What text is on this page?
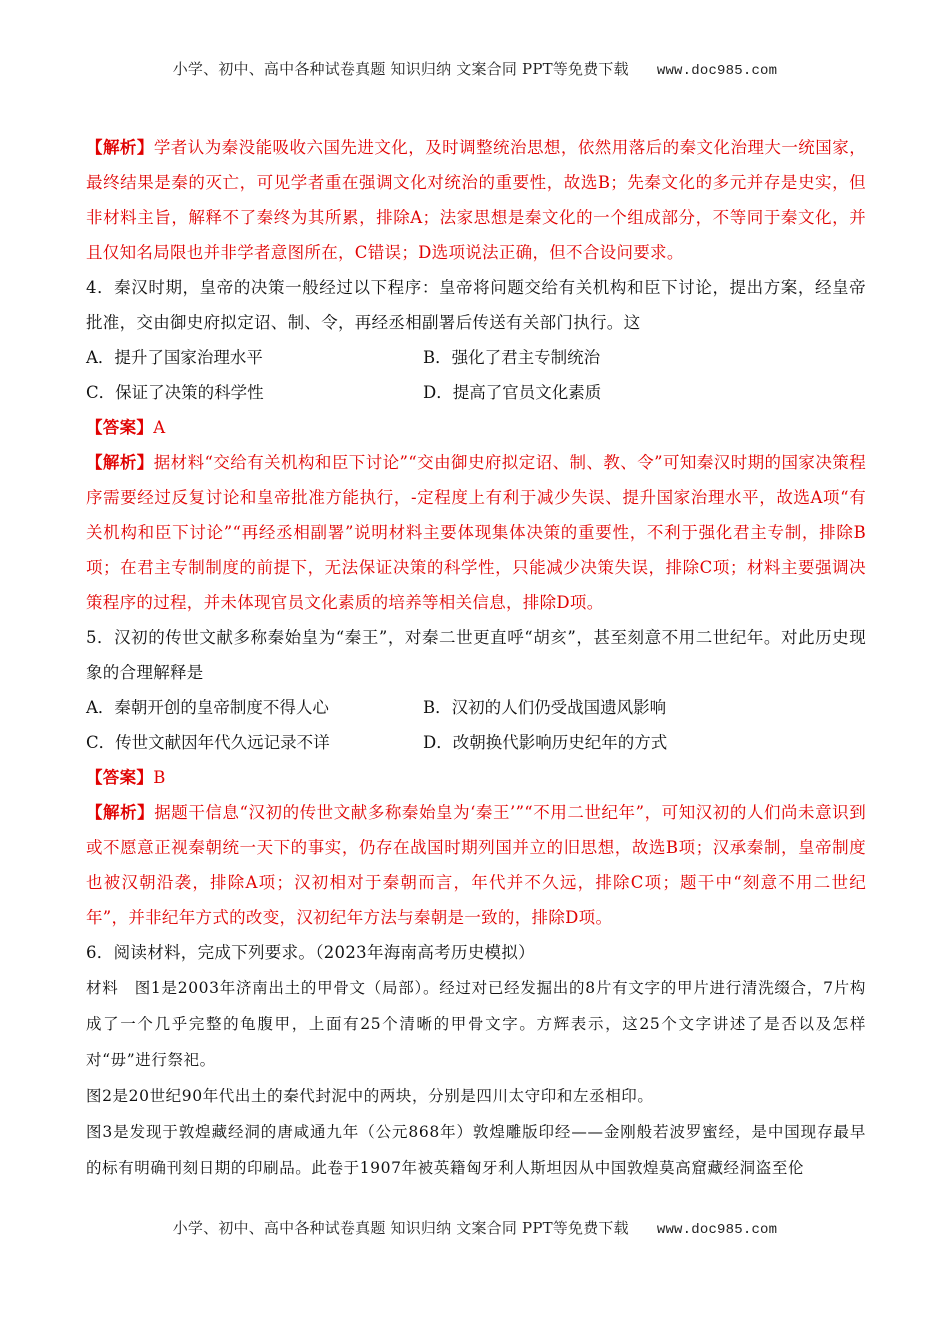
小学、初中、高中各种试卷真题 知识归纳 文案合同 PPT等免费下载 www.doc985.com

【解析】学者认为秦没能吸收六国先进文化，及时调整统治思想，依然用落后的秦文化治理大一统国家，最终结果是秦的灭亡，可见学者重在强调文化对统治的重要性，故选B；先秦文化的多元并存是史实，但非材料主旨，解释不了秦终为其所累，排除A；法家思想是秦文化的一个组成部分，不等同于秦文化，并且仅知名局限也并非学者意图所在，C错误；D选项说法正确，但不合设问要求。

4．秦汉时期，皇帝的决策一般经过以下程序：皇帝将问题交给有关机构和臣下讨论，提出方案，经皇帝批准，交由御史府拟定诏、制、令，再经丞相副署后传送有关部门执行。这

A．提升了国家治理水平	B．强化了君主专制统治
C．保证了决策的科学性	D．提高了官员文化素质

【答案】A

【解析】据材料“交给有关机构和臣下讨论”“交由御史府拟定诏、制、教、令”可知秦汉时期的国家决策程序需要经过反复讨论和皇帝批准方能执行，-定程度上有利于减少失误、提升国家治理水平，故选A项“有关机构和臣下讨论”“再经丞相副署”说明材料主要体现集体决策的重要性，不利于强化君主专制，排除B项；在君主专制制度的前提下，无法保证决策的科学性，只能减少决策失误，排除C项；材料主要强调决策程序的过程，并未体现官员文化素质的培养等相关信息，排除D项。

5．汉初的传世文献多称秦始皇为“秦王”，对秦二世更直呼“胡亥”，甚至刻意不用二世纪年。对此历史现象的合理解释是

A．秦朝开创的皇帝制度不得人心	B．汉初的人们仍受战国遗风影响
C．传世文献因年代久远记录不详	D．改朝换代影响历史纪年的方式

【答案】B

【解析】据题干信息“汉初的传世文献多称秦始皇为‘秦王’”“不用二世纪年”，可知汉初的人们尚未意识到或不愿意正视秦朝统一天下的事实，仍存在战国时期列国并立的旧思想，故选B项；汉承秦制，皇帝制度也被汉朝沿袭，排除A项；汉初相对于秦朝而言，年代并不久远，排除C项；题干中“刻意不用二世纪年”，并非纪年方式的改变，汉初纪年方法与秦朝是一致的，排除D项。

6．阅读材料，完成下列要求。（2023年海南高考历史模拟）

材料　图1是2003年济南出土的甲骨文（局部）。经过对已经发掘出的8片有文字的甲片进行清洗缀合，7片构成了一个几乎完整的龟腹甲，上面有25个清晰的甲骨文字。方辉表示，这25个文字讲述了是否以及怎样对“毋”进行祭祀。

图2是20世纪90年代出土的秦代封泥中的两块，分别是四川太守印和左丞相印。

图3是发现于敦煌藏经洞的唐咸通九年（公元868年）敦煌雕版印经——金刚般若波罗蜜经，是中国现存最早的标有明确刊刻日期的印刷品。此卷于1907年被英籍匈牙利人斯坦因从中国敦煌莫高窟藏经洞盗至伦

小学、初中、高中各种试卷真题 知识归纳 文案合同 PPT等免费下载 www.doc985.com
